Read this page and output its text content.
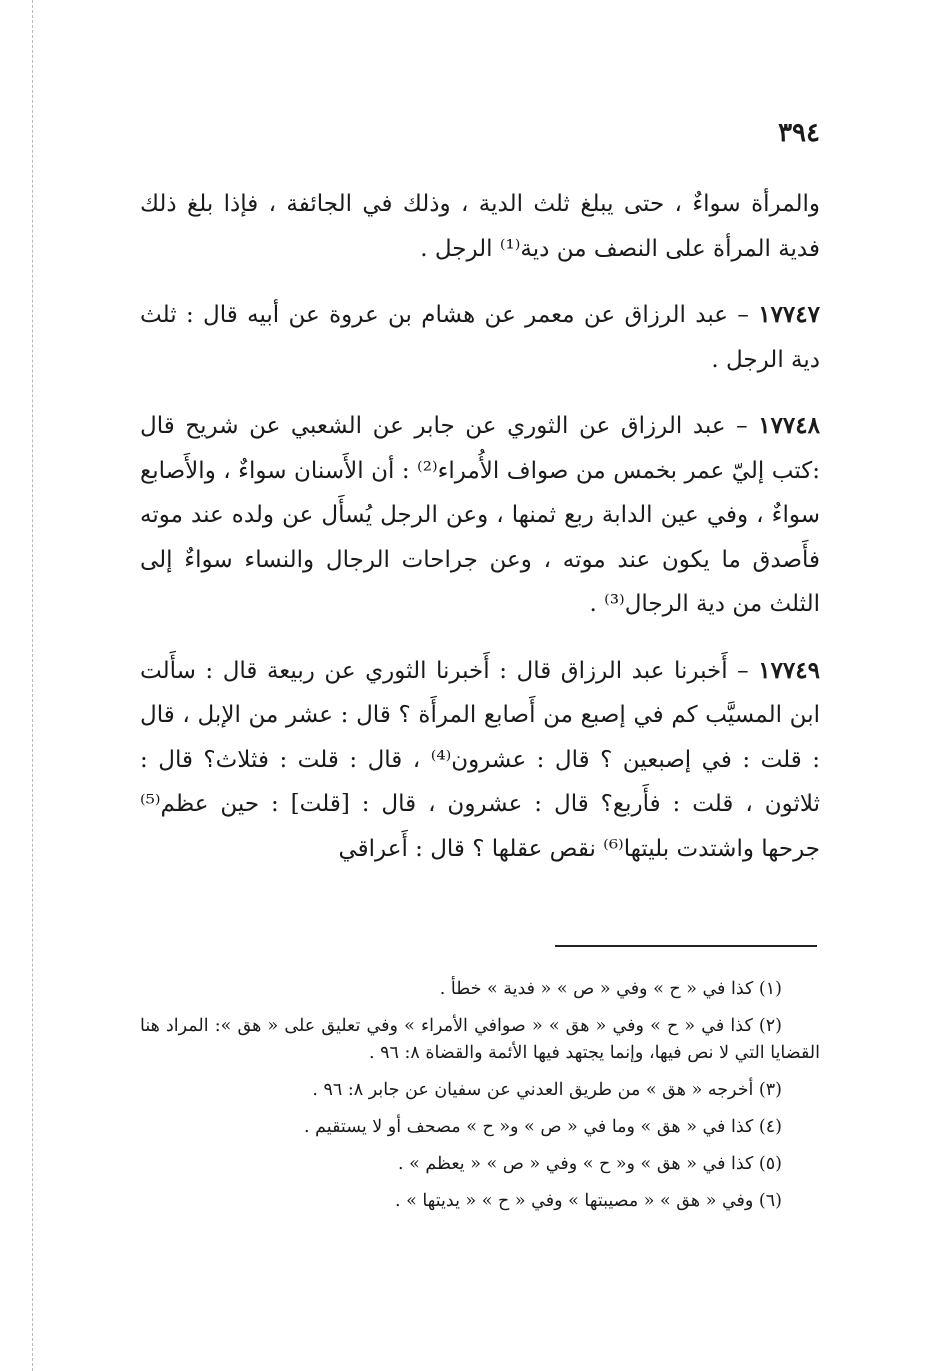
٣٩٤

والمرأة سواءٌ ، حتى يبلغ ثلث الدية ، وذلك في الجائفة ، فإذا بلغ ذلك فدية المرأة على النصف من دية⁽¹⁾ الرجل .

١٧٧٤٧ – عبد الرزاق عن معمر عن هشام بن عروة عن أبيه قال : ثلث دية الرجل .

١٧٧٤٨ – عبد الرزاق عن الثوري عن جابر عن الشعبي عن شريح قال :كتب إليّ عمر بخمس من صواف الأُمراء⁽²⁾ : أن الأَسنان سواءٌ ، والأَصابع سواءٌ ، وفي عين الدابة ربع ثمنها ، وعن الرجل يُسأَل عن ولده عند موته فأَصدق ما يكون عند موته ، وعن جراحات الرجال والنساء سواءٌ إلى الثلث من دية الرجال⁽³⁾ .

١٧٧٤٩ – أَخبرنا عبد الرزاق قال : أَخبرنا الثوري عن ربيعة قال : سأَلت ابن المسيَّب كم في إصبع من أَصابع المرأَة ؟ قال : عشر من الإبل ، قال : قلت : في إصبعين ؟ قال : عشرون⁽⁴⁾ ، قال : قلت : فثلاث؟ قال : ثلاثون ، قلت : فأَربع؟ قال : عشرون ، قال : [قلت] : حين عظم⁽⁵⁾ جرحها واشتدت بليتها⁽⁶⁾ نقص عقلها ؟ قال : أَعراقي

(١) كذا في « ح » وفي « ص » « فدية » خطأ .

(٢) كذا في « ح » وفي « هق » « صوافي الأمراء » وفي تعليق على « هق »: المراد هنا القضايا التي لا نص فيها، وإنما يجتهد فيها الأئمة والقضاة ٨: ٩٦ .

(٣) أخرجه « هق » من طريق العدني عن سفيان عن جابر ٨: ٩٦ .

(٤) كذا في « هق » وما في « ص » و« ح » مصحف أو لا يستقيم .

(٥) كذا في « هق » و« ح » وفي « ص » « يعظم » .

(٦) وفي « هق » « مصيبتها » وفي « ح » « يديتها » .
